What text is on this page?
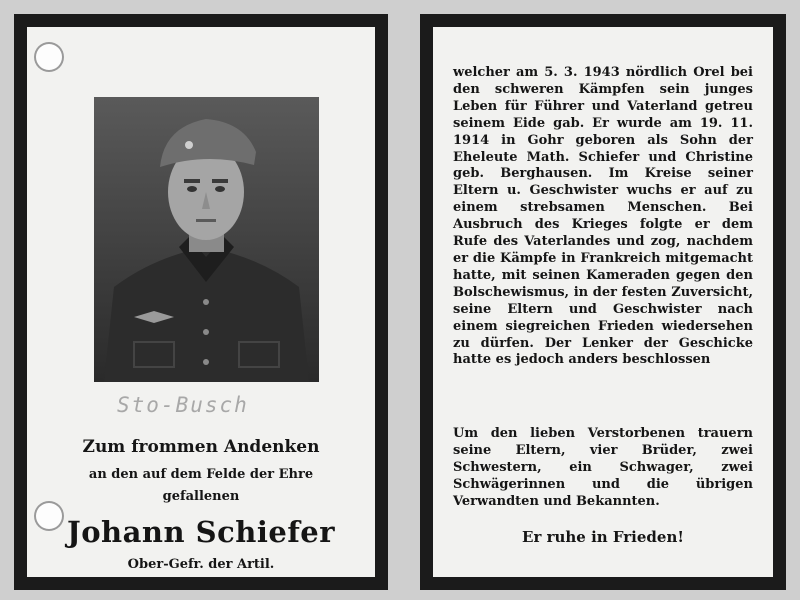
Sto-Busch
Zum frommen Andenken
an den auf dem Felde der Ehre
gefallenen
Johann Schiefer
Ober-Gefr. der Artil.
welcher am 5. 3. 1943 nördlich Orel bei den schweren Kämpfen sein junges Leben für Führer und Vaterland getreu seinem Eide gab. Er wurde am 19. 11. 1914 in Gohr geboren als Sohn der Eheleute Math. Schiefer und Christine geb. Berghausen. Im Kreise seiner Eltern u. Geschwister wuchs er auf zu einem strebsamen Menschen. Bei Ausbruch des Krieges folgte er dem Rufe des Vaterlandes und zog, nachdem er die Kämpfe in Frankreich mitgemacht hatte, mit seinen Kameraden gegen den Bolschewismus, in der festen Zuversicht, seine Eltern und Geschwister nach einem siegreichen Frieden wiedersehen zu dürfen. Der Lenker der Geschicke hatte es jedoch anders beschlossen
Um den lieben Verstorbenen trauern seine Eltern, vier Brüder, zwei Schwestern, ein Schwager, zwei Schwägerinnen und die übrigen Verwandten und Bekannten.
Er ruhe in Frieden!
